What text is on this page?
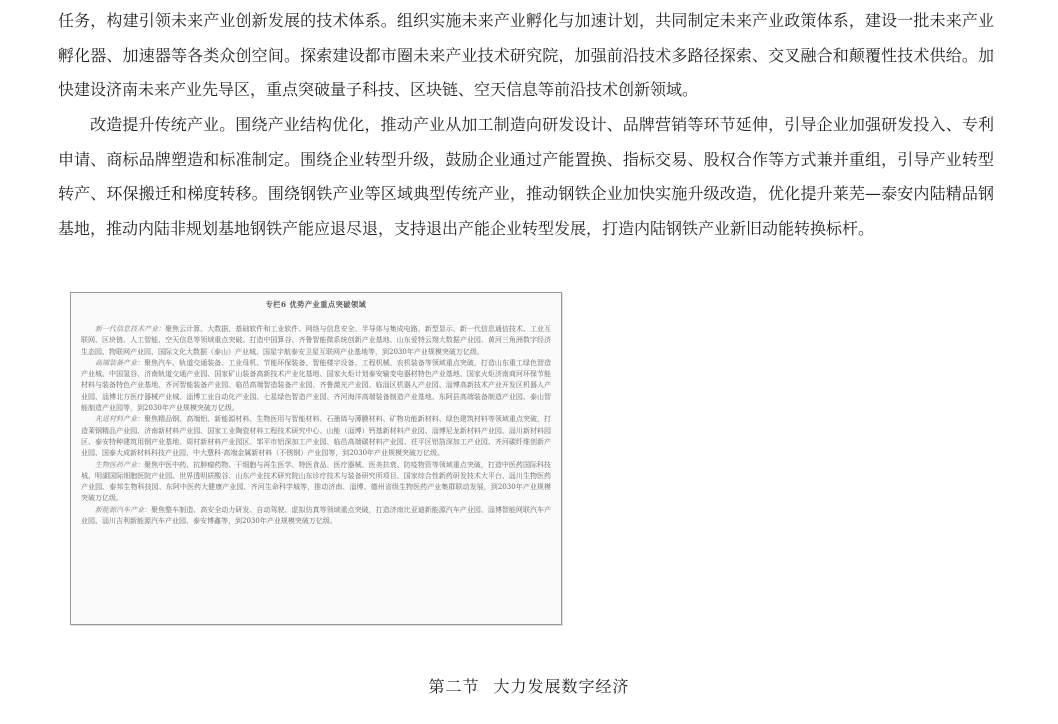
任务，构建引领未来产业创新发展的技术体系。组织实施未来产业孵化与加速计划，共同制定未来产业政策体系，建设一批未来产业孵化器、加速器等各类众创空间。探索建设都市圈未来产业技术研究院，加强前沿技术多路径探索、交叉融合和颠覆性技术供给。加快建设济南未来产业先导区，重点突破量子科技、区块链、空天信息等前沿技术创新领域。

改造提升传统产业。围绕产业结构优化，推动产业从加工制造向研发设计、品牌营销等环节延伸，引导企业加强研发投入、专利申请、商标品牌塑造和标准制定。围绕企业转型升级，鼓励企业通过产能置换、指标交易、股权合作等方式兼并重组，引导产业转型转产、环保搬迁和梯度转移。围绕钢铁产业等区域典型传统产业，推动钢铁企业加快实施升级改造，优化提升莱芜—泰安内陆精品钢基地，推动内陆非规划基地钢铁产能应退尽退，支持退出产能企业转型发展，打造内陆钢铁产业新旧动能转换标杆。

专栏6 优势产业重点突破领域

新一代信息技术产业：聚焦云计算、大数据、基础软件和工业软件、网络与信息安全、半导体与集成电路、新型显示、新一代信息通信技术、工业互联网、区块链、人工智能、空天信息等领域重点突破。打造中国算谷、齐鲁智能微系统创新产业基地、山东爱特云翔大数据产业园、黄河三角洲数字经济生态园、物联网产业园、国际文化大数据（泰山）产业城、国星宇航泰安卫星互联网产业基地等，到2030年产业规模突破万亿级。

高端装备产业：聚焦汽车、轨道交通装备、工业母机、节能环保装备、智能楼宇设备、工程机械、农机装备等领域重点突破，打造山东重工绿色智造产业城、中国氢谷、济南轨道交通产业园、国家矿山装备高新技术产业化基地、国家火炬计划泰安输变电器材特色产业基地、国家火炬济南商河环保节能材料与装备特色产业基地、齐河智能装备产业园、临邑高端智造装备产业园、齐鲁激光产业园、临淄区机器人产业园、淄博高新技术产业开发区机器人产业园、淄博北方医疗器械产业城、淄博工业自动化产业园、七星绿色智造产业园、齐河海洋高端装备制造产业基地、东阿县高端装备制造产业园、泰山智能制造产业园等，到2030年产业规模突破万亿级。

先进材料产业：聚焦精品钢、高端铝、新能源材料、生物医用与智能材料、石墨烯与薄膜材料、矿物功能新材料、绿色建筑材料等领域重点突破，打造莱钢精品产业园、济南新材料产业园、国家工业陶瓷材料工程技术研究中心、山能（淄博）钙基新材料产业园、淄博尼龙新材料产业园、淄川新材料园区、泰安特种建筑用钢产业基地、周村新材料产业园区、邹平市铝深加工产业园、临邑高端碳材料产业园、茌平区铝箔深加工产业园、齐河碳纤维创新产业园、国泰大成新材料科技产业园、中大慧科·高端金属新材料（不锈钢）产业园等，到2030年产业规模突破万亿级。

生物医药产业：聚焦中医中药、抗肿瘤药物、干细胞与再生医学、特医食品、医疗器械、医美抗衰、防疫物资等领域重点突破，打造中医药国际科技城、明湖国际细胞医院产业园、世界透明质酸谷、山东产业技术研究院山东诊疗技术与装备研究所项目、国家综合性新药研发技术大平台、淄川生物医药产业园、泰邦生物科技园、东阿中医药大健康产业园、齐河生命科学城等，推动济南、淄博、德州省级生物医药产业集群联动发展，到2030年产业规模突破万亿级。

新能源汽车产业：聚焦整车制造、高安全动力研发、自动驾驶、虚拟仿真等领域重点突破，打造济南比亚迪新能源汽车产业园、淄博智能网联汽车产业园、淄川吉利新能源汽车产业园、泰安博鑫等，到2030年产业规模突破万亿级。

第二节 大力发展数字经济
